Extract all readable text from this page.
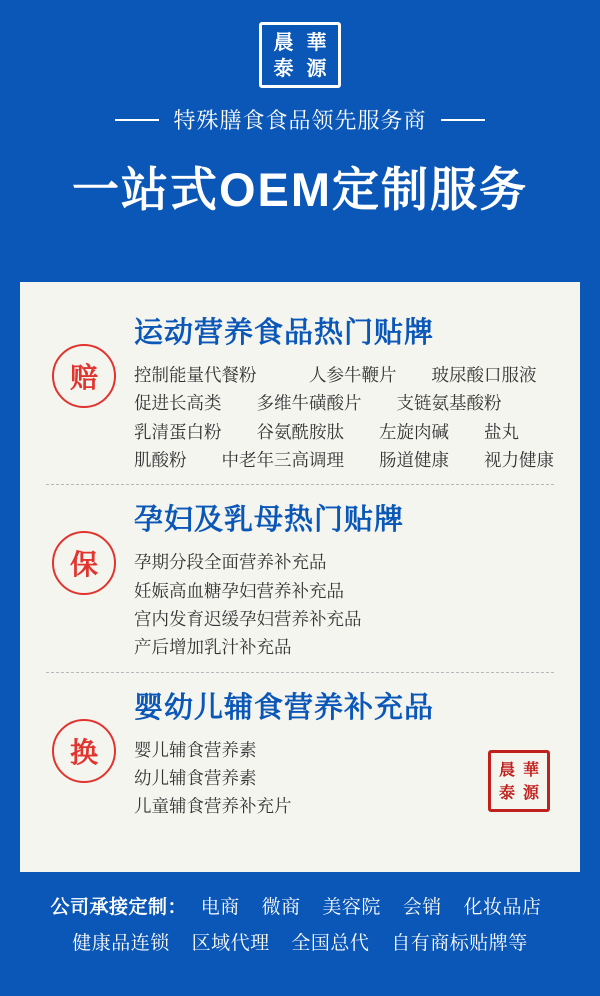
晨 華
泰 源
特殊膳食食品领先服务商
一站式OEM定制服务
赔
运动营养食品热门贴牌
控制能量代餐粉　　　人参牛鞭片　　玻尿酸口服液
促进长高类　　多维牛磺酸片　　支链氨基酸粉
乳清蛋白粉　　谷氨酰胺肽　　左旋肉碱　　盐丸
肌酸粉　　中老年三高调理　　肠道健康　　视力健康
保
孕妇及乳母热门贴牌
孕期分段全面营养补充品
妊娠高血糖孕妇营养补充品
宫内发育迟缓孕妇营养补充品
产后增加乳汁补充品
换
婴幼儿辅食营养补充品
婴儿辅食营养素
幼儿辅食营养素
儿童辅食营养补充片
晨 華
泰 源
公司承接定制： 电商 微商 美容院 会销 化妆品店
健康品连锁 区域代理 全国总代 自有商标贴牌等
